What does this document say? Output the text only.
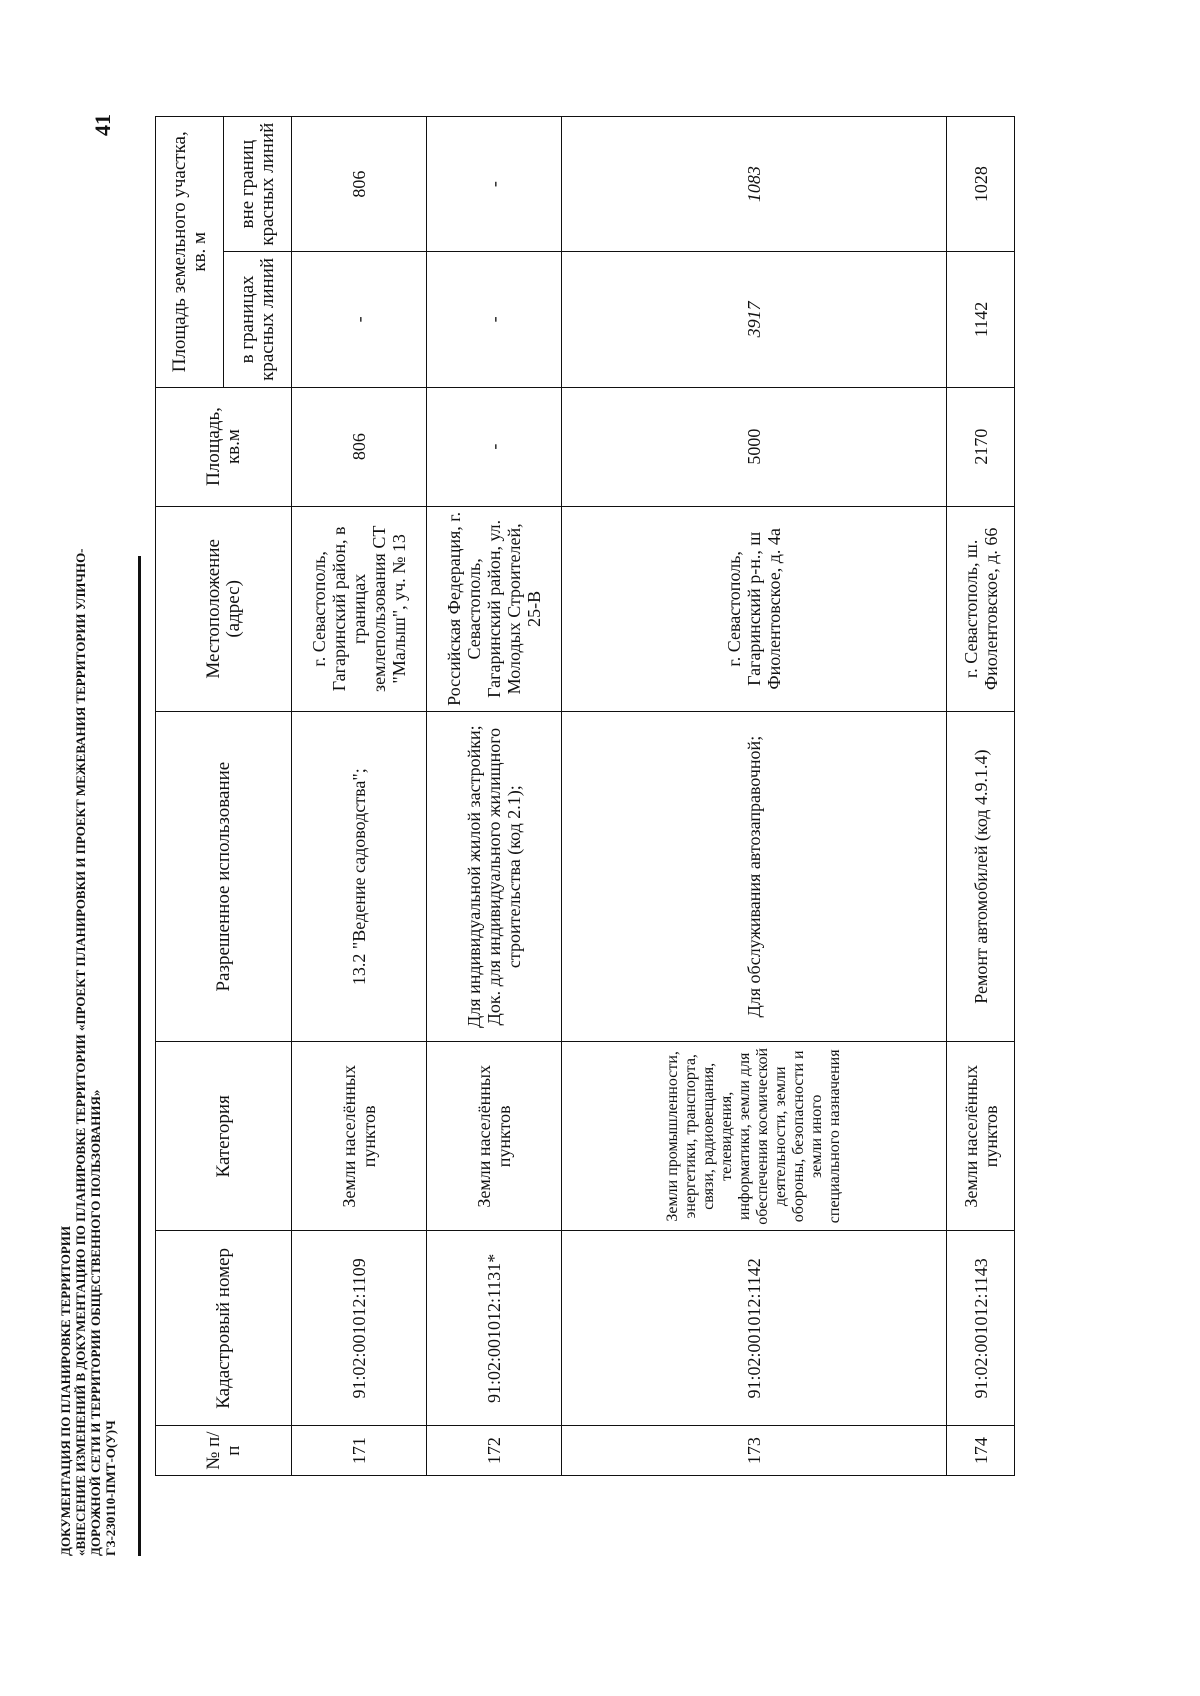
41
ДОКУМЕНТАЦИЯ ПО ПЛАНИРОВКЕ ТЕРРИТОРИИ «ВНЕСЕНИЕ ИЗМЕНЕНИЙ В ДОКУМЕНТАЦИЮ ПО ПЛАНИРОВКЕ ТЕРРИТОРИИ «ПРОЕКТ ПЛАНИРОВКИ И ПРОЕКТ МЕЖЕВАНИЯ ТЕРРИТОРИИ УЛИЧНО- ДОРОЖНОЙ СЕТИ И ТЕРРИТОРИИ ОБЩЕСТВЕННОГО ПОЛЬЗОВАНИЯ» ГЗ-230110-ПМТ-О(У)Ч	№ п/п	Кадастровый номер	Категория	Разрешенное использование	Местоположение (адрес)	Площадь, кв.м	Площадь земельного участка, кв. м	
						в границах красных линий	вне границ красных линий
171	91:02:001012:1109	Земли населённых пунктов	13.2 "Ведение садоводства";	г. Севастополь, Гагаринский район, в границах землепользования СТ "Малыш", уч. № 13	806	-	806
172	91:02:001012:1131*	Земли населённых пунктов	Для индивидуальной жилой застройки; Док. для индивидуального жилищного строительства (код 2.1);	Российская Федерация, г. Севастополь, Гагаринский район, ул. Молодых Строителей, 25-В	-	-	-
173	91:02:001012:1142	Земли промышленности, энергетики, транспорта, связи, радиовещания, телевидения, информатики, земли для обеспечения космической деятельности, земли обороны, безопасности и земли иного специального назначения	Для обслуживания автозаправочной;	г. Севастополь, Гагаринский р-н., ш Фиолентовское, д. 4а	5000	3917	1083
174	91:02:001012:1143	Земли населённых пунктов	Ремонт автомобилей (код 4.9.1.4)	г. Севастополь, ш. Фиолентовское, д. 66	2170	1142	1028
